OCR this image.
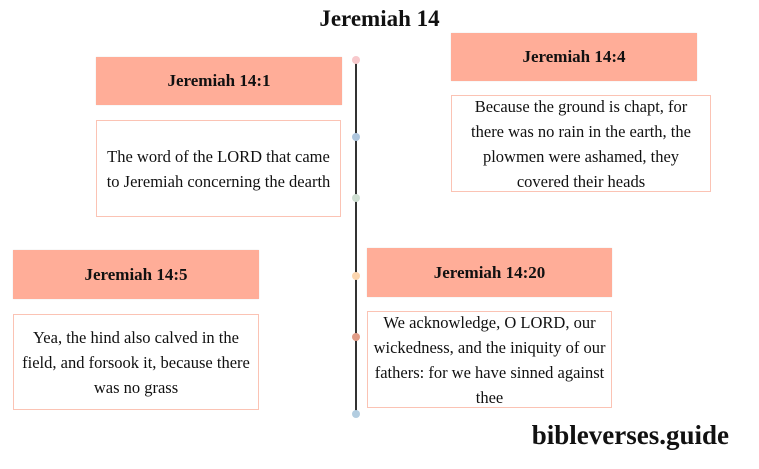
Jeremiah 14
Jeremiah 14:1
The word of the LORD that came to Jeremiah concerning the dearth
Jeremiah 14:4
Because the ground is chapt, for there was no rain in the earth, the plowmen were ashamed, they covered their heads
Jeremiah 14:5
Yea, the hind also calved in the field, and forsook it, because there was no grass
Jeremiah 14:20
We acknowledge, O LORD, our wickedness, and the iniquity of our fathers: for we have sinned against thee
bibleverses.guide
